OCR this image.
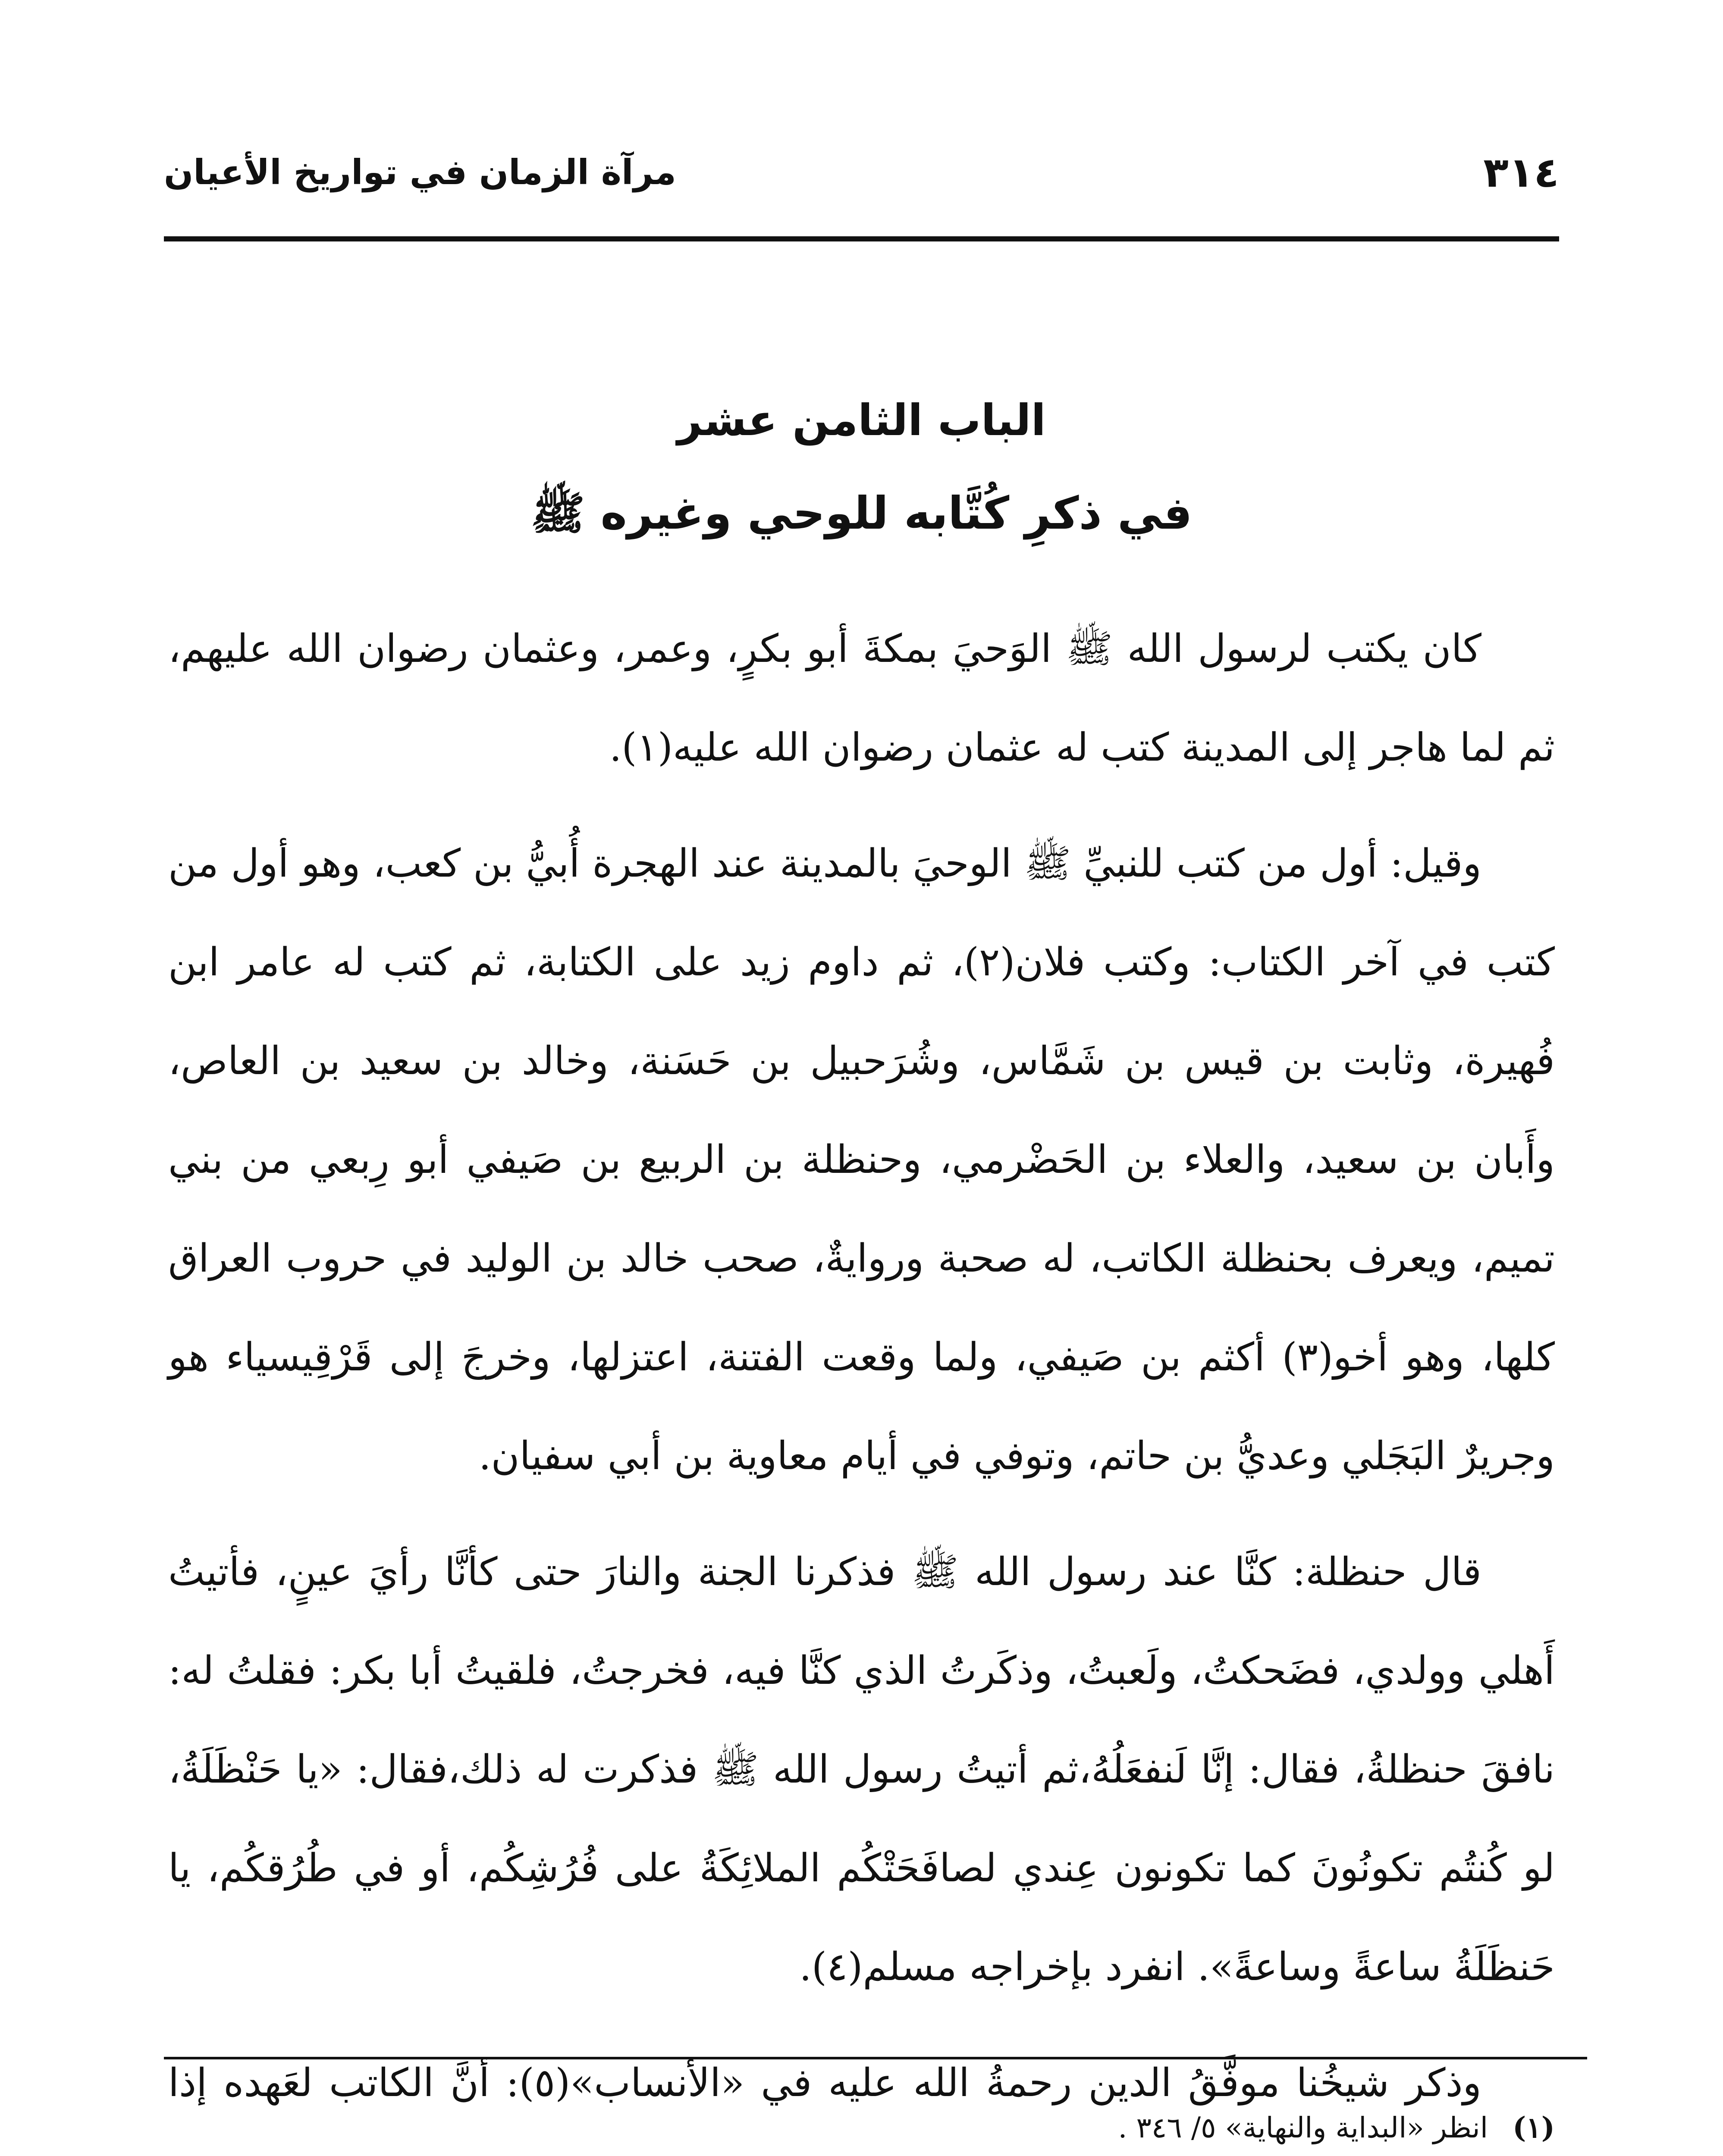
٣١٤
مرآة الزمان في تواريخ الأعيان
الباب الثامن عشر
في ذكرِ كُتَّابه للوحي وغيره ﷺ

كان يكتب لرسول الله ﷺ الوَحيَ بمكةَ أبو بكرٍ، وعمر، وعثمان رضوان الله عليهم، ثم لما هاجر إلى المدينة كتب له عثمان رضوان الله عليه(١).

وقيل: أول من كتب للنبيِّ ﷺ الوحيَ بالمدينة عند الهجرة أُبيُّ بن كعب، وهو أول من كتب في آخر الكتاب: وكتب فلان(٢)، ثم داوم زيد على الكتابة، ثم كتب له عامر ابن فُهيرة، وثابت بن قيس بن شَمَّاس، وشُرَحبيل بن حَسَنة، وخالد بن سعيد بن العاص، وأَبان بن سعيد، والعلاء بن الحَضْرمي، وحنظلة بن الربيع بن صَيفي أبو رِبعي من بني تميم، ويعرف بحنظلة الكاتب، له صحبة وروايةٌ، صحب خالد بن الوليد في حروب العراق كلها، وهو أخو(٣) أكثم بن صَيفي، ولما وقعت الفتنة، اعتزلها، وخرجَ إلى قَرْقِيسياء هو وجريرٌ البَجَلي وعديُّ بن حاتم، وتوفي في أيام معاوية بن أبي سفيان.

قال حنظلة: كنَّا عند رسول الله ﷺ فذكرنا الجنة والنارَ حتى كأنَّا رأيَ عينٍ، فأتيتُ أَهلي وولدي، فضَحكتُ، ولَعبتُ، وذكَرتُ الذي كنَّا فيه، فخرجتُ، فلقيتُ أبا بكر: فقلتُ له: نافقَ حنظلةُ، فقال: إنَّا لَنفعَلُهُ،ثم أتيتُ رسول الله ﷺ فذكرت له ذلك،فقال: «يا حَنْظَلَةُ، لو كُنتُم تكونُونَ كما تكونون عِندي لصافَحَتْكُم الملائِكَةُ على فُرُشِكُم، أو في طُرُقكُم، يا حَنظَلَةُ ساعةً وساعةً». انفرد بإخراجه مسلم(٤).

وذكر شيخُنا موفَّقُ الدين رحمةُ الله عليه في «الأنساب»(٥): أنَّ الكاتب لعَهده إذا

(١) انظر «البداية والنهاية» ٥/ ٣٤٦ .
